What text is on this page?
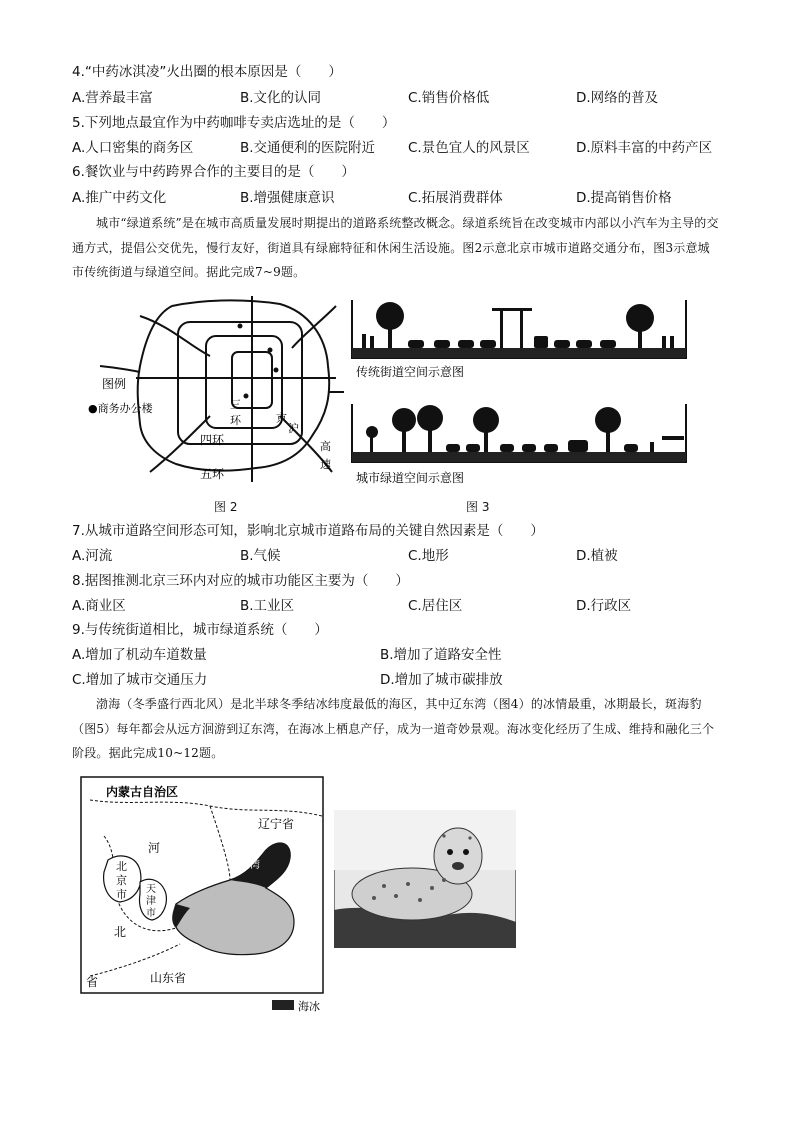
4.“中药冰淇凌”火出圈的根本原因是（　　）
A.营养最丰富	B.文化的认同	C.销售价格低	D.网络的普及
5.下列地点最宜作为中药咖啡专卖店选址的是（　　）
A.人口密集的商务区	B.交通便利的医院附近 C.景色宜人的风景区	D.原料丰富的中药产区
6.餐饮业与中药跨界合作的主要目的是（　　）
A.推广中药文化	B.增强健康意识	C.拓展消费群体	D.提高销售价格
城市“绿道系统”是在城市高质量发展时期提出的道路系统整改概念。绿道系统旨在改变城市内部以小汽车为主导的交通方式，提倡公交优先，慢行友好，街道具有绿廊特征和休闲生活设施。图2示意北京市城市道路交通分布，图3示意城市传统街道与绿道空间。据此完成7~9题。
图例
●商务办公楼	三
环
四环
五环
京
沪
高
速
传统街道空间示意图
城市绿道空间示意图
图 2	图 3
7.从城市道路空间形态可知，影响北京城市道路布局的关键自然因素是（　　）
A.河流	B.气候	C.地形	D.植被
8.据图推测北京三环内对应的城市功能区主要为（　　）
A.商业区	B.工业区	C.居住区	D.行政区
9.与传统街道相比，城市绿道系统（　　）
A.增加了机动车道数量	B.增加了道路安全性
C.增加了城市交通压力	D.增加了城市碳排放
渤海（冬季盛行西北风）是北半球冬季结冰纬度最低的海区，其中辽东湾（图4）的冰情最重，冰期最长，斑海豹（图5）每年都会从远方洄游到辽东湾，在海冰上栖息产仔，成为一道奇妙景观。海冰变化经历了生成、维持和融化三个阶段。据此完成10~12题。
内蒙古自治区
辽宁省
辽东湾
河
北
省
北
京
市 天
津
市
山东省
海冰
